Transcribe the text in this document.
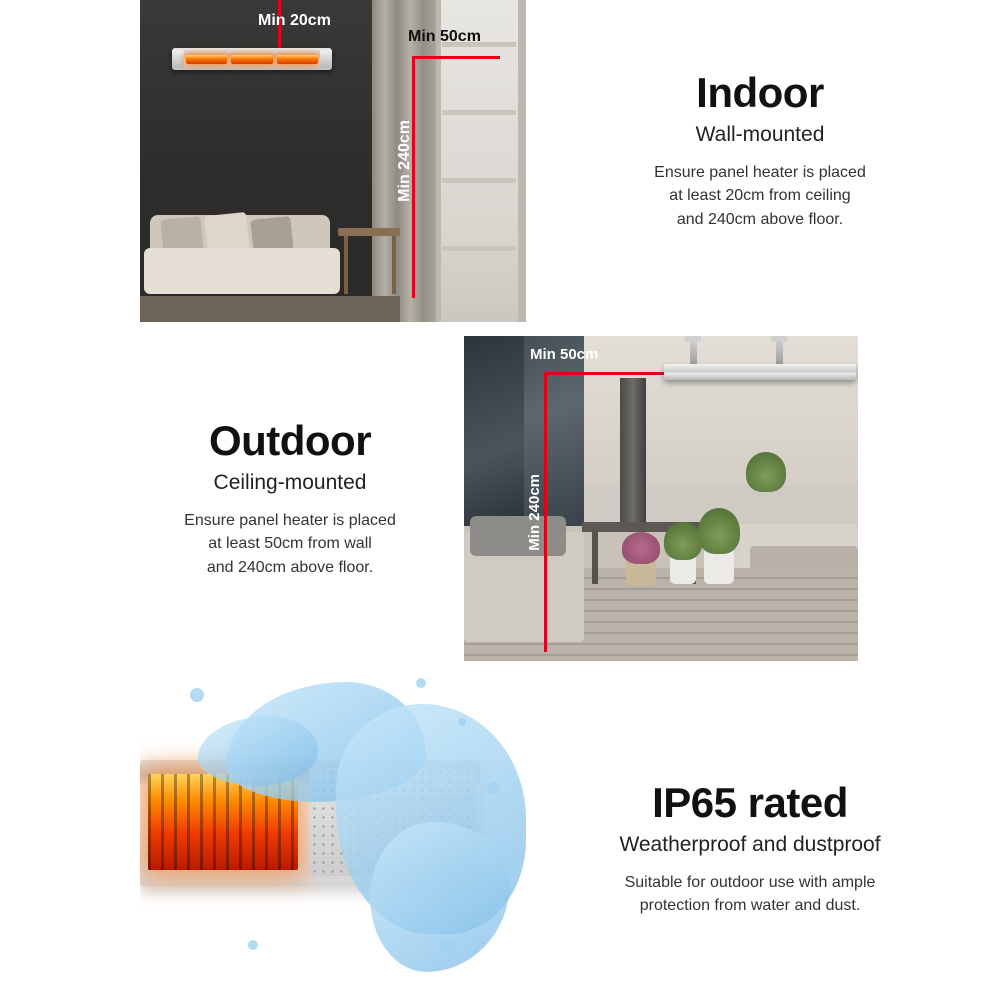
Min 20cm
Min 50cm
Min 240cm
Indoor
Wall-mounted
Ensure panel heater is placed
at least 20cm from ceiling
and 240cm above floor.
Min 50cm
Min 240cm
Outdoor
Ceiling-mounted
Ensure panel heater is placed
at least 50cm from wall
and 240cm above floor.
IP65 rated
Weatherproof and dustproof
Suitable for outdoor use with ample
protection from water and dust.
